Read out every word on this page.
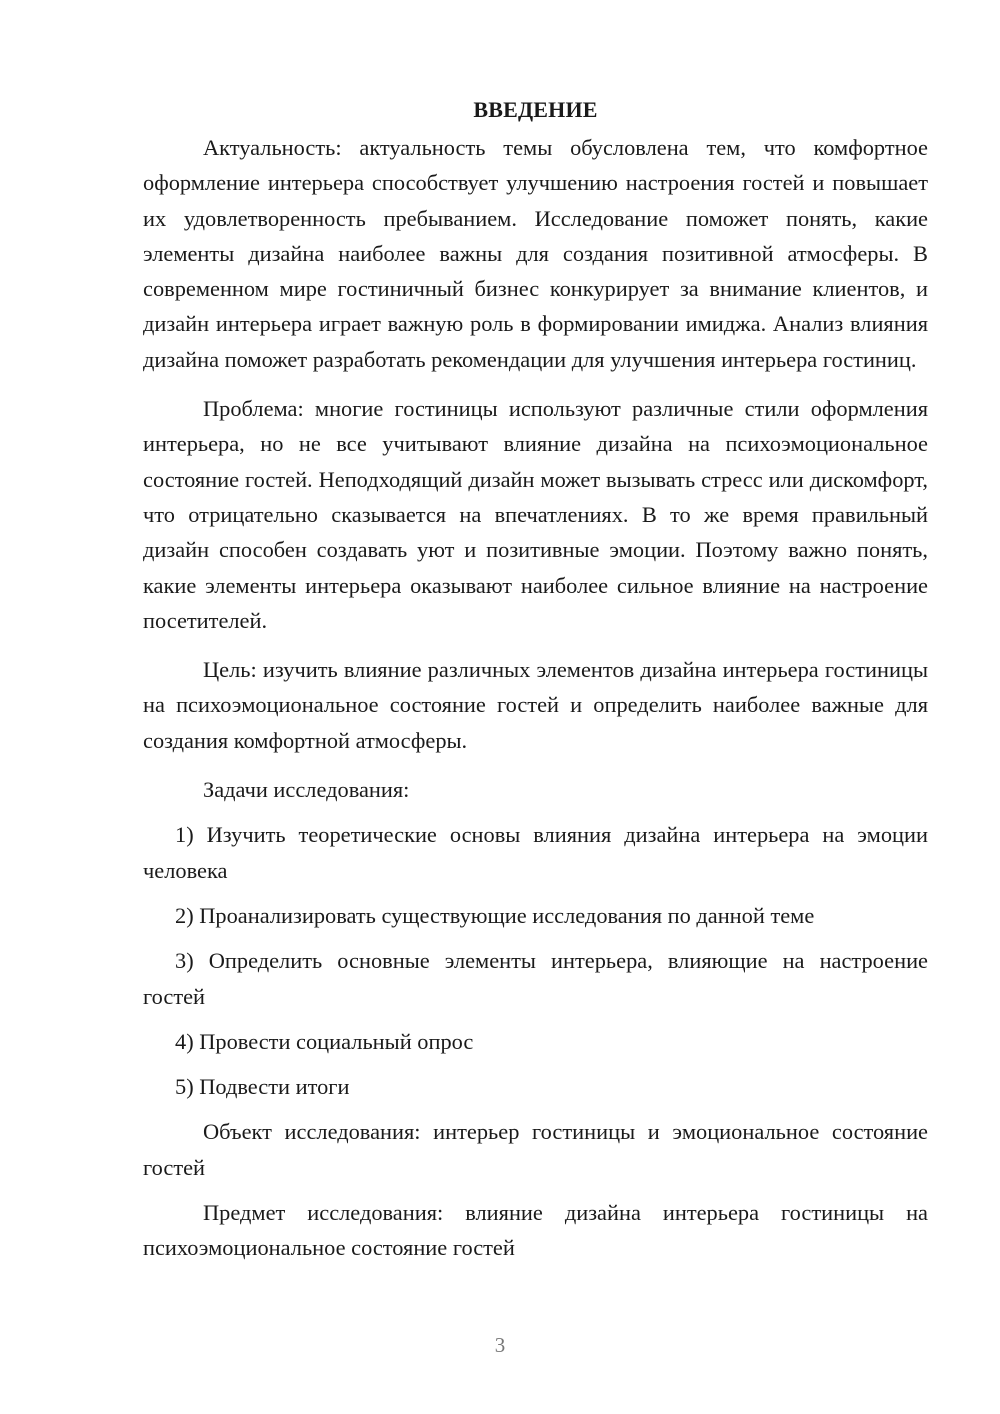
ВВЕДЕНИЕ

Актуальность: актуальность темы обусловлена тем, что комфортное оформление интерьера способствует улучшению настроения гостей и повышает их удовлетворенность пребыванием. Исследование поможет понять, какие элементы дизайна наиболее важны для создания позитивной атмосферы. В современном мире гостиничный бизнес конкурирует за внимание клиентов, и дизайн интерьера играет важную роль в формировании имиджа. Анализ влияния дизайна поможет разработать рекомендации для улучшения интерьера гостиниц.

Проблема: многие гостиницы используют различные стили оформления интерьера, но не все учитывают влияние дизайна на психоэмоциональное состояние гостей. Неподходящий дизайн может вызывать стресс или дискомфорт, что отрицательно сказывается на впечатлениях. В то же время правильный дизайн способен создавать уют и позитивные эмоции. Поэтому важно понять, какие элементы интерьера оказывают наиболее сильное влияние на настроение посетителей.

Цель: изучить влияние различных элементов дизайна интерьера гостиницы на психоэмоциональное состояние гостей и определить наиболее важные для создания комфортной атмосферы.

Задачи исследования:

1) Изучить теоретические основы влияния дизайна интерьера на эмоции человека

2) Проанализировать существующие исследования по данной теме

3) Определить основные элементы интерьера, влияющие на настроение гостей

4) Провести социальный опрос

5) Подвести итоги

Объект исследования: интерьер гостиницы и эмоциональное состояние гостей

Предмет исследования: влияние дизайна интерьера гостиницы на психоэмоциональное состояние гостей

3
